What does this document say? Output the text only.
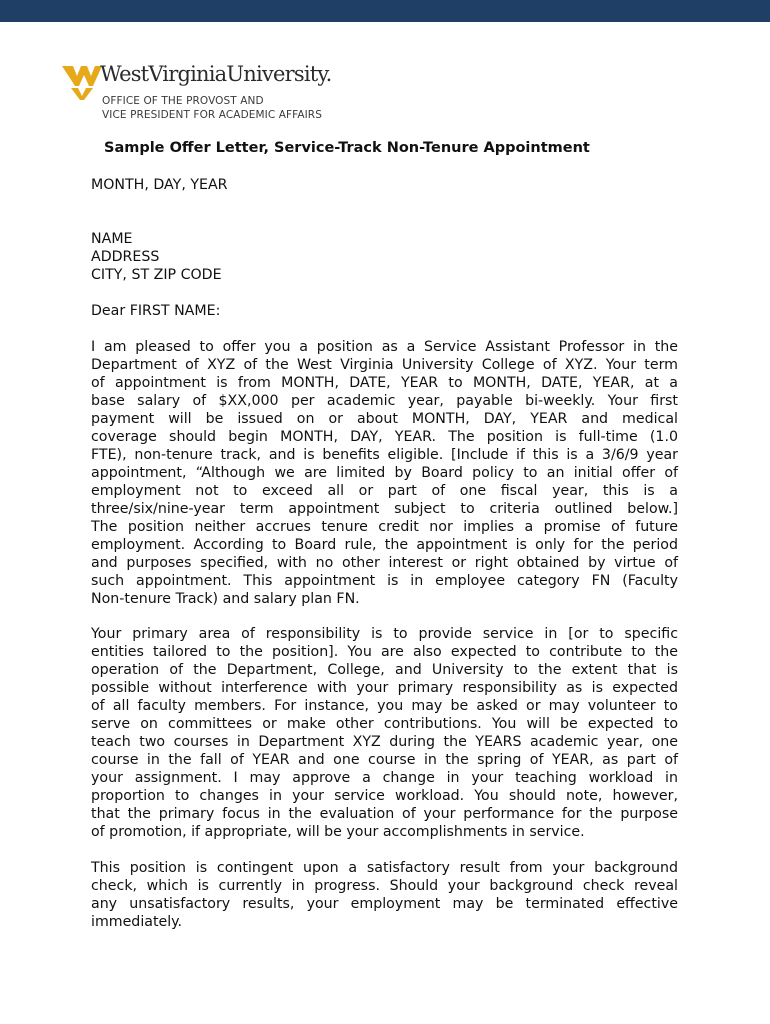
WestVirginiaUniversity.
OFFICE OF THE PROVOST AND
VICE PRESIDENT FOR ACADEMIC AFFAIRS
Sample Offer Letter, Service-Track Non-Tenure Appointment
MONTH, DAY, YEAR
NAME
ADDRESS
CITY, ST ZIP CODE
Dear FIRST NAME:
I am pleased to offer you a position as a Service Assistant Professor in the
Department of XYZ of the West Virginia University College of XYZ. Your term
of appointment is from MONTH, DATE, YEAR to MONTH, DATE, YEAR, at a
base salary of $XX,000 per academic year, payable bi-weekly. Your first
payment will be issued on or about MONTH, DAY, YEAR and medical
coverage should begin MONTH, DAY, YEAR. The position is full-time (1.0
FTE), non-tenure track, and is benefits eligible. [Include if this is a 3/6/9 year
appointment, “Although we are limited by Board policy to an initial offer of
employment not to exceed all or part of one fiscal year, this is a
three/six/nine-year term appointment subject to criteria outlined below.]
The position neither accrues tenure credit nor implies a promise of future
employment. According to Board rule, the appointment is only for the period
and purposes specified, with no other interest or right obtained by virtue of
such appointment. This appointment is in employee category FN (Faculty
Non-tenure Track) and salary plan FN.
Your primary area of responsibility is to provide service in [or to specific
entities tailored to the position]. You are also expected to contribute to the
operation of the Department, College, and University to the extent that is
possible without interference with your primary responsibility as is expected
of all faculty members. For instance, you may be asked or may volunteer to
serve on committees or make other contributions. You will be expected to
teach two courses in Department XYZ during the YEARS academic year, one
course in the fall of YEAR and one course in the spring of YEAR, as part of
your assignment. I may approve a change in your teaching workload in
proportion to changes in your service workload. You should note, however,
that the primary focus in the evaluation of your performance for the purpose
of promotion, if appropriate, will be your accomplishments in service.
This position is contingent upon a satisfactory result from your background
check, which is currently in progress. Should your background check reveal
any unsatisfactory results, your employment may be terminated effective
immediately.
